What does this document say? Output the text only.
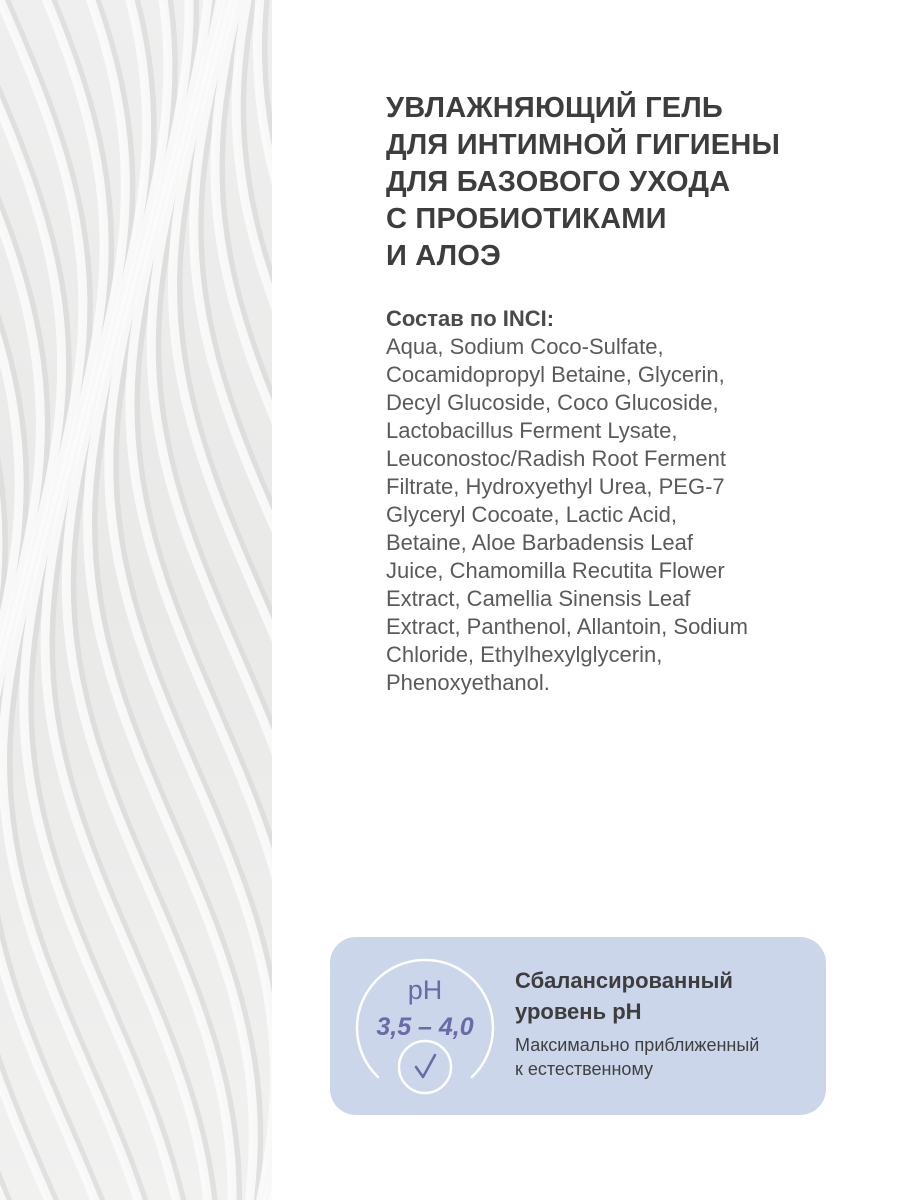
УВЛАЖНЯЮЩИЙ ГЕЛЬ
ДЛЯ ИНТИМНОЙ ГИГИЕНЫ
ДЛЯ БАЗОВОГО УХОДА
С ПРОБИОТИКАМИ
И АЛОЭ
Состав по INCI:
Aqua, Sodium Coco-Sulfate,
Cocamidopropyl Betaine, Glycerin,
Decyl Glucoside, Coco Glucoside,
Lactobacillus Ferment Lysate,
Leuconostoc/Radish Root Ferment
Filtrate, Hydroxyethyl Urea, PEG-7
Glyceryl Cocoate, Lactic Acid,
Betaine, Aloe Barbadensis Leaf
Juice, Chamomilla Recutita Flower
Extract, Camellia Sinensis Leaf
Extract, Panthenol, Allantoin, Sodium
Chloride, Ethylhexylglycerin,
Phenoxyethanol.
pH
3,5 – 4,0
Сбалансированный
уровень pH
Максимально приближенный
к естественному
